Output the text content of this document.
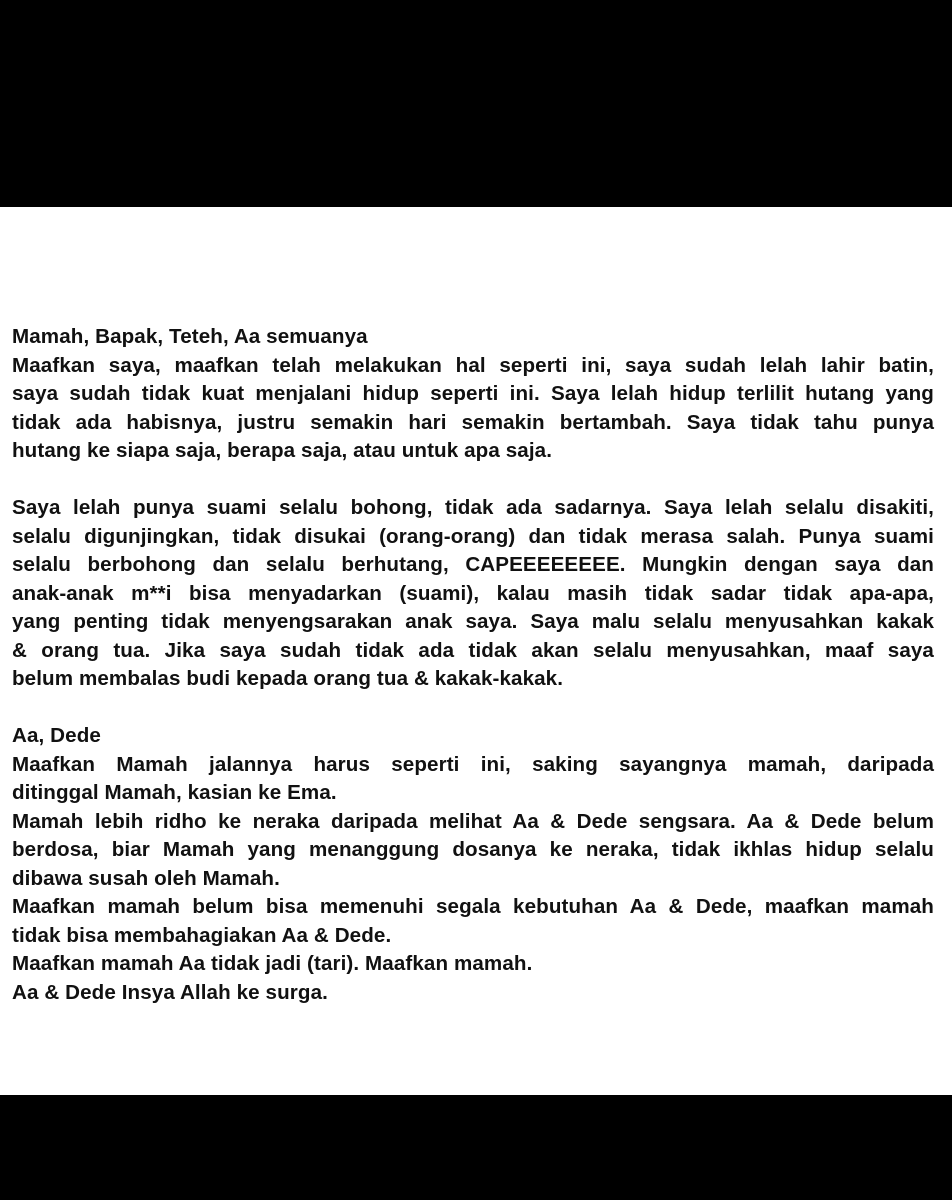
Mamah, Bapak, Teteh, Aa semuanya
Maafkan saya, maafkan telah melakukan hal seperti ini, saya sudah lelah lahir batin,
saya sudah tidak kuat menjalani hidup seperti ini. Saya lelah hidup terlilit hutang yang
tidak ada habisnya, justru semakin hari semakin bertambah. Saya tidak tahu punya
hutang ke siapa saja, berapa saja, atau untuk apa saja.

Saya lelah punya suami selalu bohong, tidak ada sadarnya. Saya lelah selalu disakiti,
selalu digunjingkan, tidak disukai (orang-orang) dan tidak merasa salah. Punya suami
selalu berbohong dan selalu berhutang, CAPEEEEEEEE. Mungkin dengan saya dan
anak-anak m**i bisa menyadarkan (suami), kalau masih tidak sadar tidak apa-apa,
yang penting tidak menyengsarakan anak saya. Saya malu selalu menyusahkan kakak
& orang tua. Jika saya sudah tidak ada tidak akan selalu menyusahkan, maaf saya
belum membalas budi kepada orang tua & kakak-kakak.

Aa, Dede
Maafkan Mamah jalannya harus seperti ini, saking sayangnya mamah, daripada
ditinggal Mamah, kasian ke Ema.
Mamah lebih ridho ke neraka daripada melihat Aa & Dede sengsara. Aa & Dede belum
berdosa, biar Mamah yang menanggung dosanya ke neraka, tidak ikhlas hidup selalu
dibawa susah oleh Mamah.
Maafkan mamah belum bisa memenuhi segala kebutuhan Aa & Dede, maafkan mamah
tidak bisa membahagiakan Aa & Dede.
Maafkan mamah Aa tidak jadi (tari). Maafkan mamah.
Aa & Dede Insya Allah ke surga.
